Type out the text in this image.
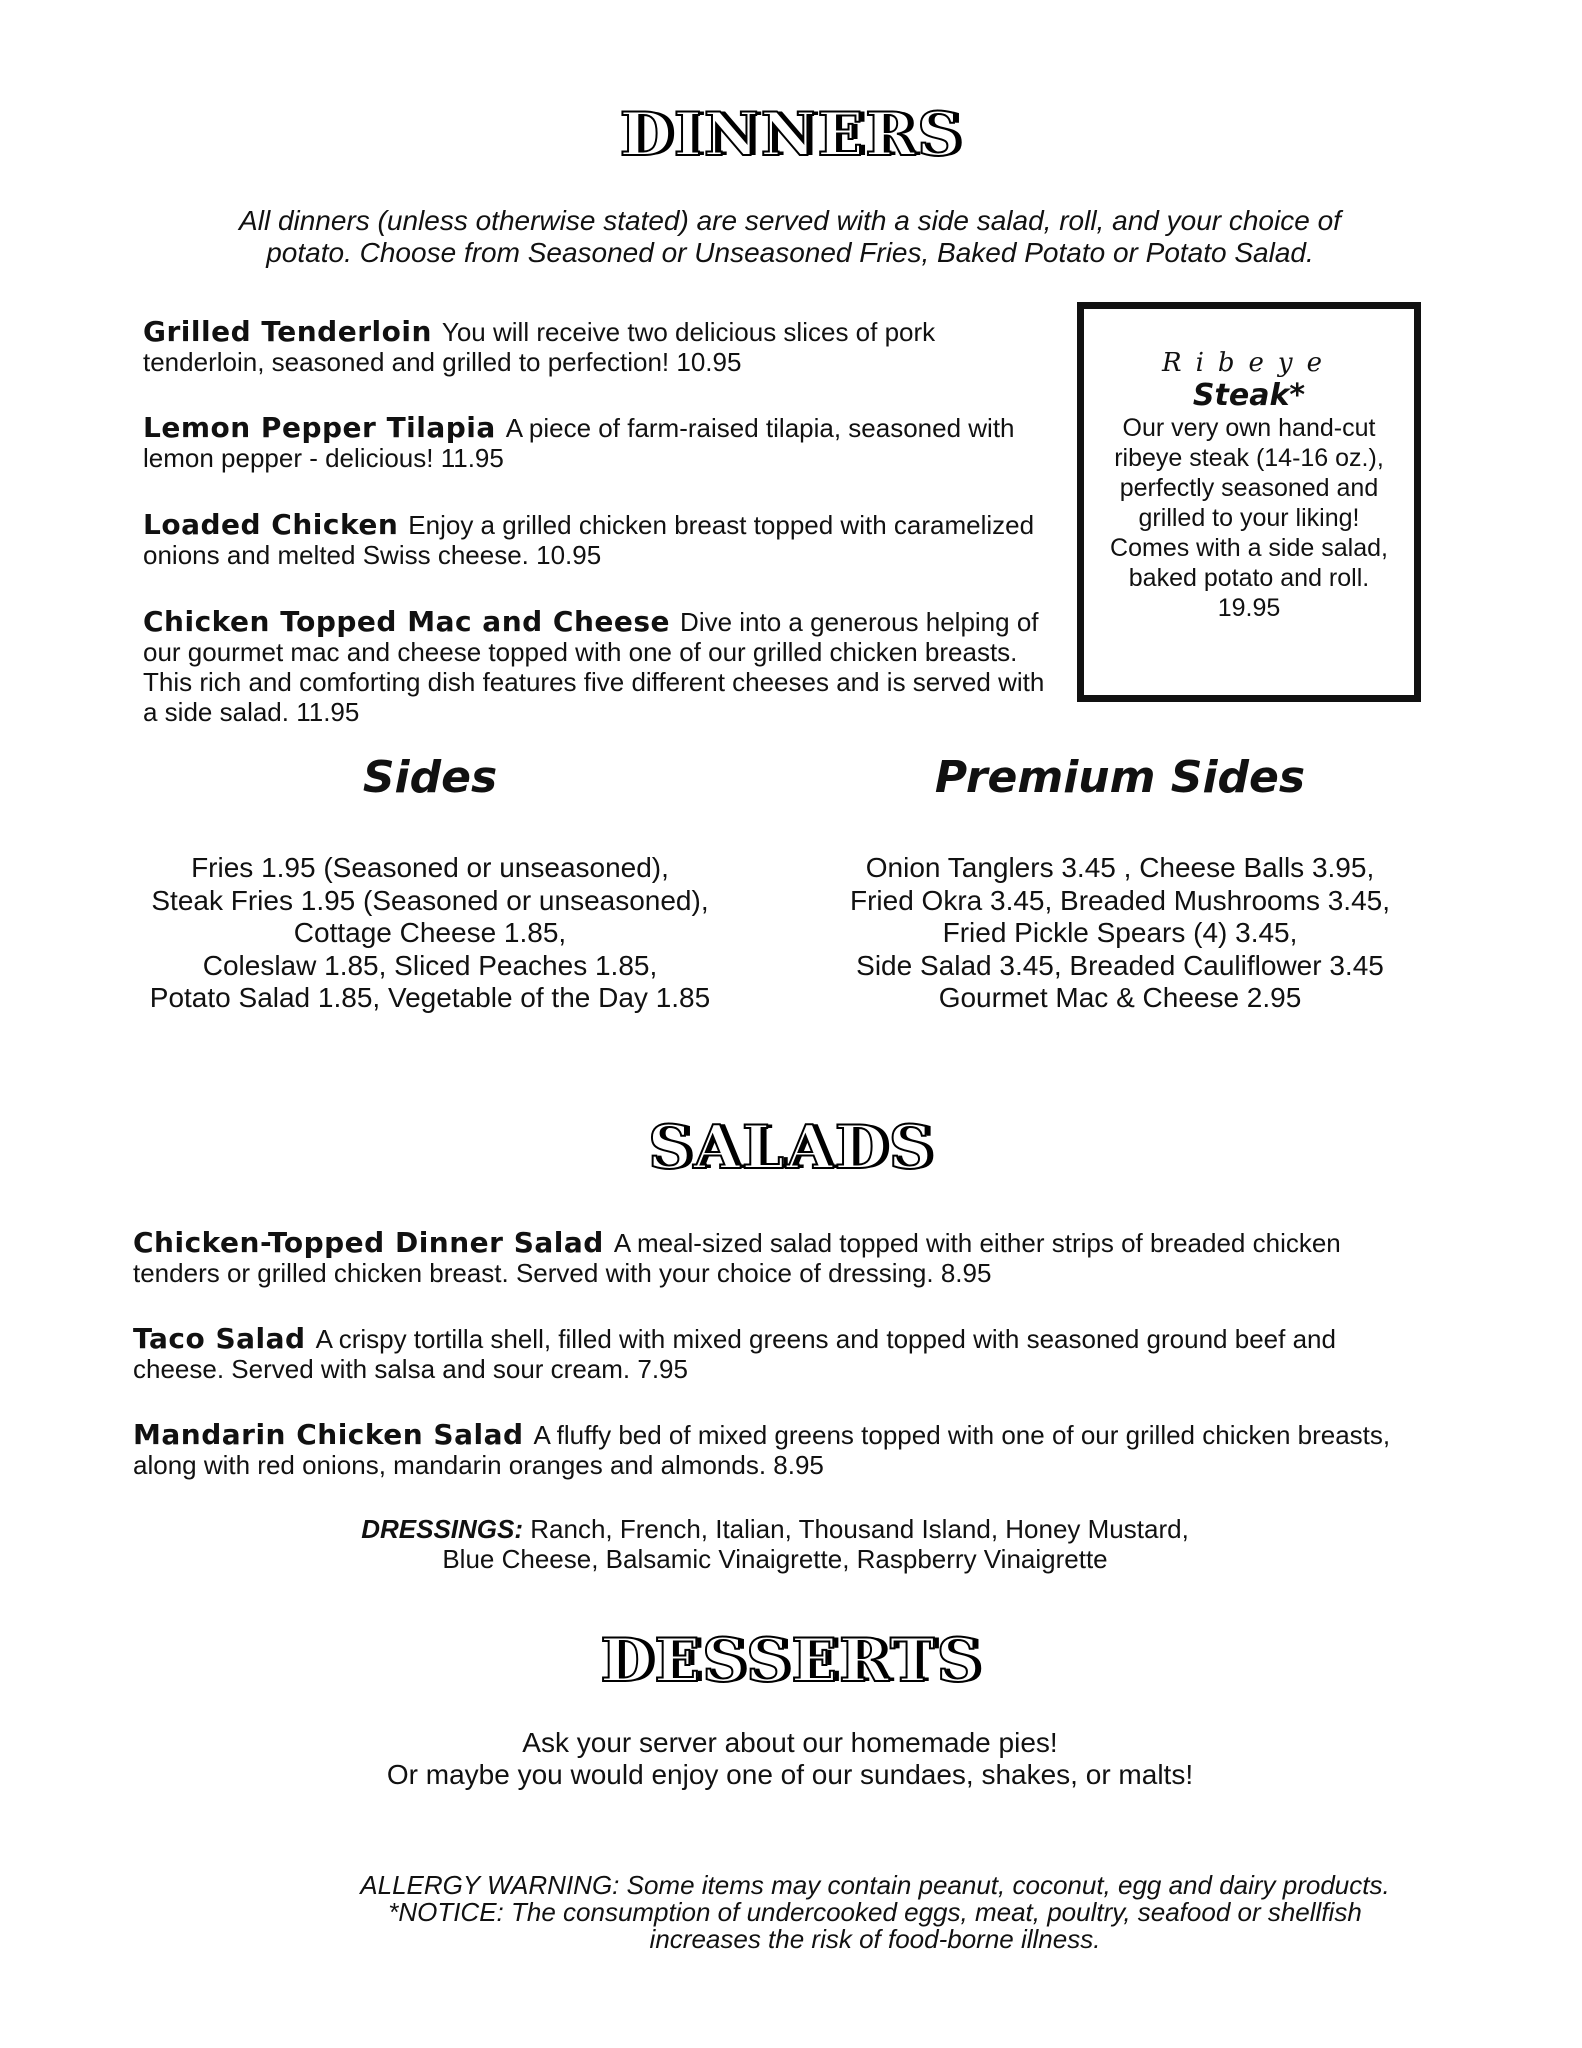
DINNERS
All dinners (unless otherwise stated) are served with a side salad, roll, and your choice of
potato. Choose from Seasoned or Unseasoned Fries, Baked Potato or Potato Salad.
Grilled Tenderloin You will receive two delicious slices of pork tenderloin, seasoned and grilled to perfection! 10.95
Lemon Pepper Tilapia A piece of farm-raised tilapia, seasoned with lemon pepper - delicious! 11.95
Loaded Chicken Enjoy a grilled chicken breast topped with caramelized onions and melted Swiss cheese. 10.95
Chicken Topped Mac and Cheese Dive into a generous helping of our gourmet mac and cheese topped with one of our grilled chicken breasts. This rich and comforting dish features five different cheeses and is served with a side salad. 11.95
Ribeye
Steak*
Our very own hand-cut ribeye steak (14-16 oz.), perfectly seasoned and grilled to your liking! Comes with a side salad, baked potato and roll. 19.95
Sides
Fries 1.95 (Seasoned or unseasoned),
Steak Fries 1.95 (Seasoned or unseasoned),
Cottage Cheese 1.85,
Coleslaw 1.85, Sliced Peaches 1.85,
Potato Salad 1.85, Vegetable of the Day 1.85
Premium Sides
Onion Tanglers 3.45 , Cheese Balls 3.95,
Fried Okra 3.45, Breaded Mushrooms 3.45,
Fried Pickle Spears (4) 3.45,
Side Salad 3.45, Breaded Cauliflower 3.45
Gourmet Mac & Cheese 2.95
SALADS
Chicken-Topped Dinner Salad A meal-sized salad topped with either strips of breaded chicken tenders or grilled chicken breast. Served with your choice of dressing. 8.95
Taco Salad A crispy tortilla shell, filled with mixed greens and topped with seasoned ground beef and cheese. Served with salsa and sour cream. 7.95
Mandarin Chicken Salad A fluffy bed of mixed greens topped with one of our grilled chicken breasts, along with red onions, mandarin oranges and almonds. 8.95
DRESSINGS: Ranch, French, Italian, Thousand Island, Honey Mustard,
Blue Cheese, Balsamic Vinaigrette, Raspberry Vinaigrette
DESSERTS
Ask your server about our homemade pies!
Or maybe you would enjoy one of our sundaes, shakes, or malts!
ALLERGY WARNING: Some items may contain peanut, coconut, egg and dairy products.
*NOTICE: The consumption of undercooked eggs, meat, poultry, seafood or shellfish
increases the risk of food-borne illness.
